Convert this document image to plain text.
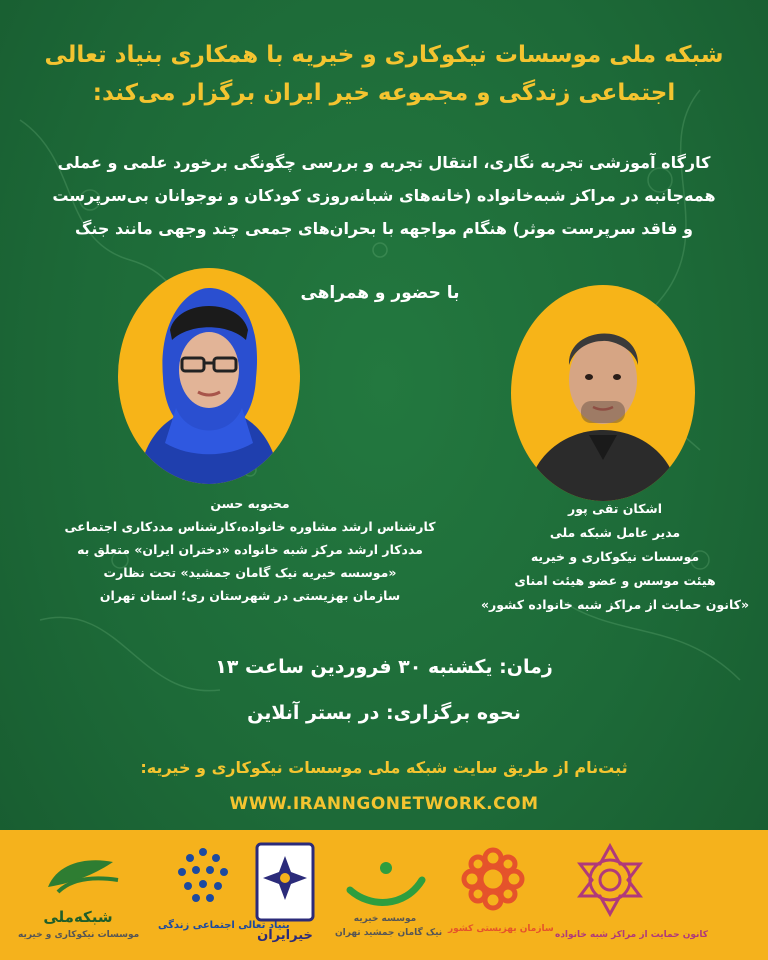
شبکه ملی موسسات نیکوکاری و خیریه با همکاری بنیاد تعالی
اجتماعی زندگی و مجموعه خیر ایران برگزار می‌کند:
کارگاه آموزشی تجربه نگاری، انتقال تجربه و بررسی چگونگی برخورد علمی و عملی
همه‌جانبه در مراکز شبه‌خانواده (خانه‌های شبانه‌روزی کودکان و نوجوانان بی‌سرپرست
و فاقد سرپرست موثر) هنگام مواجهه با بحران‌های جمعی چند وجهی مانند جنگ
با حضور و همراهی
محبوبه حسن
کارشناس ارشد مشاوره خانواده،کارشناس مددکاری اجتماعی
مددکار ارشد مرکز شبه خانواده «دختران ایران» متعلق به
«موسسه خیریه نیک گامان جمشید» تحت نظارت
سازمان بهزیستی در شهرستان ری؛ استان تهران
اشکان تقی پور
مدیر عامل شبکه ملی
موسسات نیکوکاری و خیریه
هیئت موسس و عضو هیئت امنای
«کانون حمایت از مراکز شبه خانواده کشور»
زمان: یکشنبه ۳۰ فروردین ساعت ۱۳
نحوه برگزاری: در بستر آنلاین
ثبت‌نام از طریق سایت شبکه ملی موسسات نیکوکاری و خیریه:
WWW.IRANNGONETWORK.COM
شبکه‌ملی
موسسات نیکوکاری و خیریه
بنیاد تعالی اجتماعی زندگی
خیرایران
موسسه خیریه
نیک گامان جمشید تهران سازمان بهزیستی کشور
کانون حمایت از مراکز شبه خانواده
